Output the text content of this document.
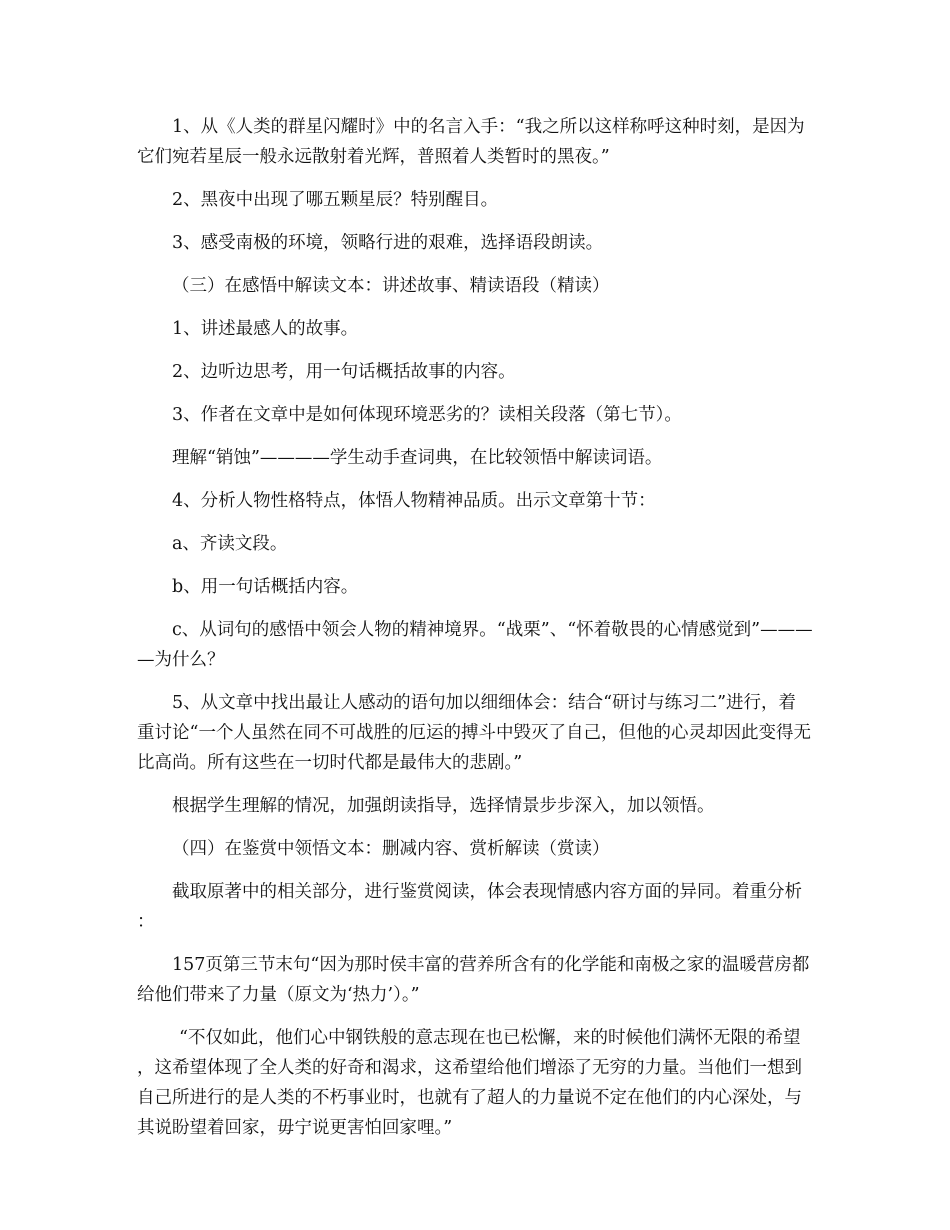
1、从《人类的群星闪耀时》中的名言入手：“我之所以这样称呼这种时刻，是因为它们宛若星辰一般永远散射着光辉，普照着人类暂时的黑夜。”

2、黑夜中出现了哪五颗星辰？特别醒目。

3、感受南极的环境，领略行进的艰难，选择语段朗读。

（三）在感悟中解读文本：讲述故事、精读语段（精读）

1、讲述最感人的故事。

2、边听边思考，用一句话概括故事的内容。

3、作者在文章中是如何体现环境恶劣的？读相关段落（第七节）。

理解“销蚀”————学生动手查词典，在比较领悟中解读词语。

4、分析人物性格特点，体悟人物精神品质。出示文章第十节：

a、齐读文段。

b、用一句话概括内容。

c、从词句的感悟中领会人物的精神境界。“战栗”、“怀着敬畏的心情感觉到”————为什么？

5、从文章中找出最让人感动的语句加以细细体会：结合“研讨与练习二”进行，着重讨论“一个人虽然在同不可战胜的厄运的搏斗中毁灭了自己，但他的心灵却因此变得无比高尚。所有这些在一切时代都是最伟大的悲剧。”

根据学生理解的情况，加强朗读指导，选择情景步步深入，加以领悟。

（四）在鉴赏中领悟文本：删减内容、赏析解读（赏读）

截取原著中的相关部分，进行鉴赏阅读，体会表现情感内容方面的异同。着重分析：

157页第三节末句“因为那时侯丰富的营养所含有的化学能和南极之家的温暖营房都给他们带来了力量（原文为‘热力’）。”

“不仅如此，他们心中钢铁般的意志现在也已松懈，来的时候他们满怀无限的希望，这希望体现了全人类的好奇和渴求，这希望给他们增添了无穷的力量。当他们一想到自己所进行的是人类的不朽事业时，也就有了超人的力量说不定在他们的内心深处，与其说盼望着回家，毋宁说更害怕回家哩。”
